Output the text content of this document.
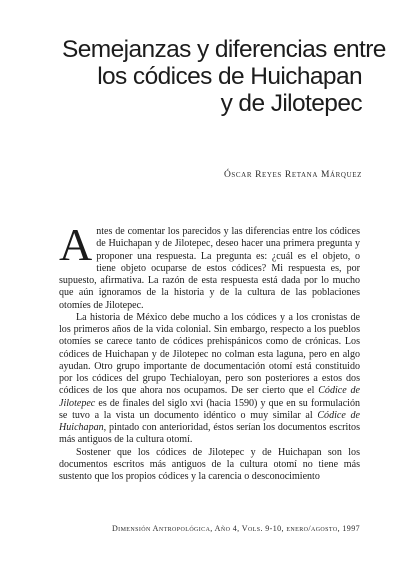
Semejanzas y diferencias entre
los códices de Huichapan
y de Jilotepec
Óscar Reyes Retana Márquez

Antes de comentar los parecidos y las diferencias entre los códices de Huichapan y de Jilotepec, deseo hacer una primera pregunta y proponer una respuesta. La pregunta es: ¿cuál es el objeto, o tiene objeto ocuparse de estos códices? Mi respuesta es, por supuesto, afirmativa. La razón de esta respuesta está dada por lo mucho que aún ignoramos de la historia y de la cultura de las poblaciones otomíes de Jilotepec.

La historia de México debe mucho a los códices y a los cronistas de los primeros años de la vida colonial. Sin embargo, respecto a los pueblos otomíes se carece tanto de códices prehispánicos como de crónicas. Los códices de Huichapan y de Jilotepec no colman esta laguna, pero en algo ayudan. Otro grupo importante de documentación otomí está constituido por los códices del grupo Techialoyan, pero son posteriores a estos dos códices de los que ahora nos ocupamos. De ser cierto que el Códice de Jilotepec es de finales del siglo xvi (hacia 1590) y que en su formulación se tuvo a la vista un documento idéntico o muy similar al Códice de Huichapan, pintado con anterioridad, éstos serían los documentos escritos más antiguos de la cultura otomí.

Sostener que los códices de Jilotepec y de Huichapan son los documentos escritos más antiguos de la cultura otomí no tiene más sustento que los propios códices y la carencia o desconocimiento

Dimensión Antropológica, Año 4, Vols. 9-10, enero/agosto, 1997
